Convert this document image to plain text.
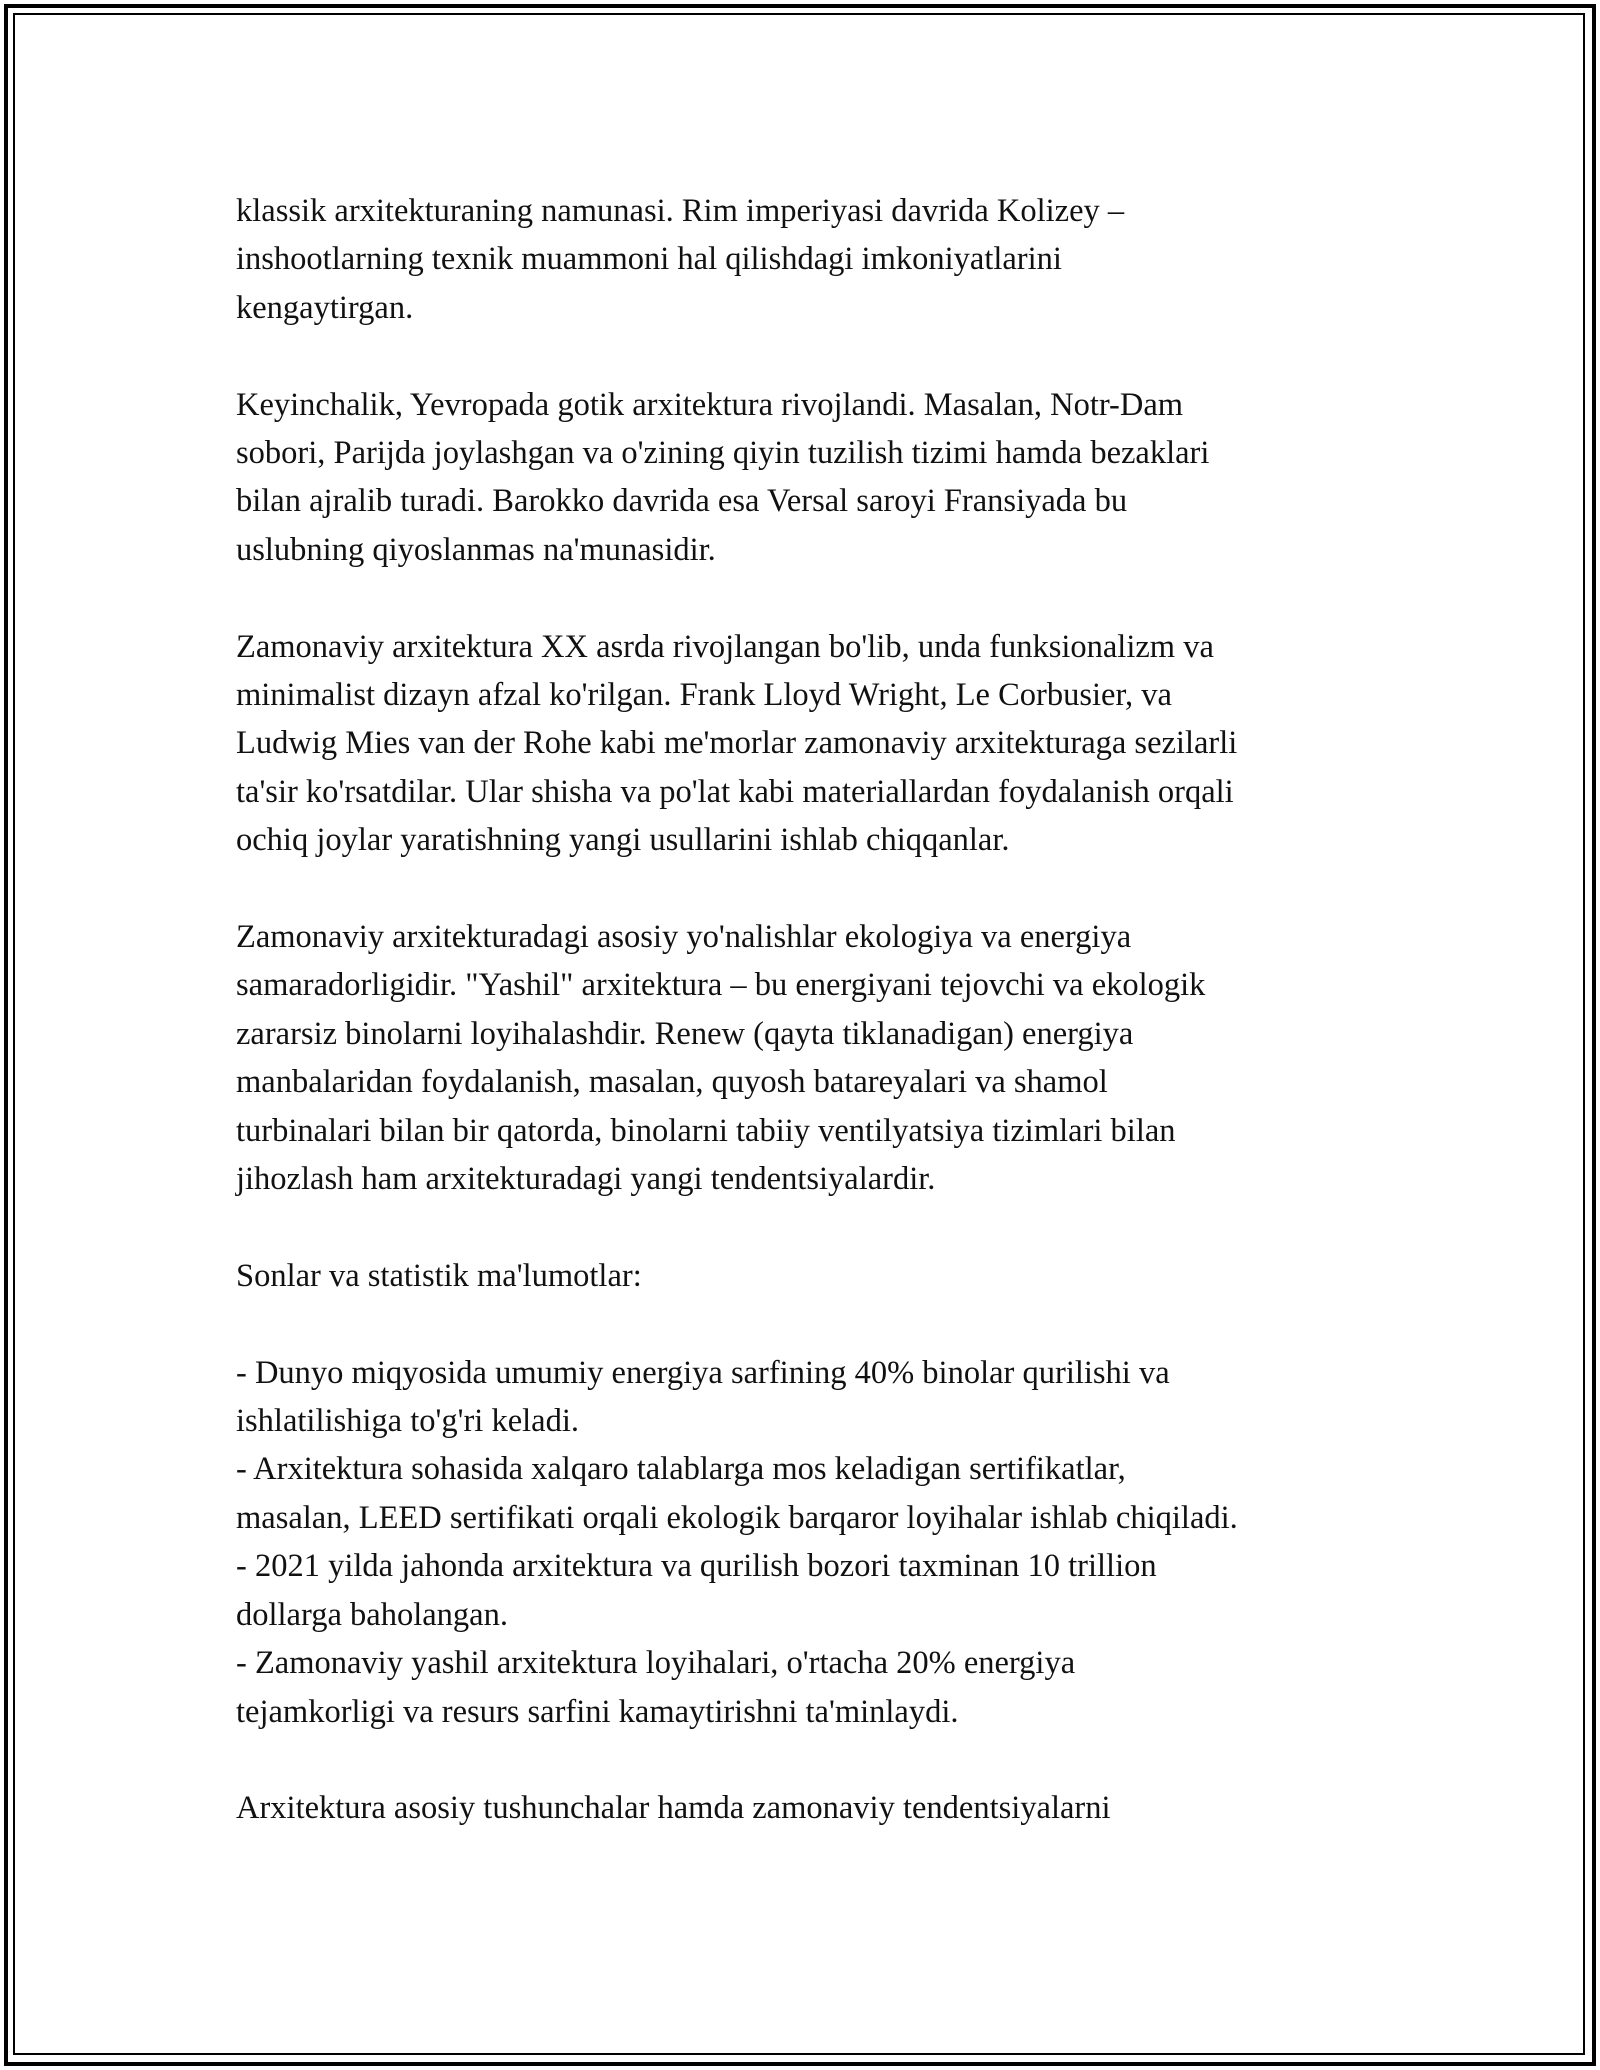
klassik arxitekturaning namunasi. Rim imperiyasi davrida Kolizey –
inshootlarning texnik muammoni hal qilishdagi imkoniyatlarini
kengaytirgan.

Keyinchalik, Yevropada gotik arxitektura rivojlandi. Masalan, Notr-Dam
sobori, Parijda joylashgan va o'zining qiyin tuzilish tizimi hamda bezaklari
bilan ajralib turadi. Barokko davrida esa Versal saroyi Fransiyada bu
uslubning qiyoslanmas na'munasidir.

Zamonaviy arxitektura XX asrda rivojlangan bo'lib, unda funksionalizm va
minimalist dizayn afzal ko'rilgan. Frank Lloyd Wright, Le Corbusier, va
Ludwig Mies van der Rohe kabi me'morlar zamonaviy arxitekturaga sezilarli
ta'sir ko'rsatdilar. Ular shisha va po'lat kabi materiallardan foydalanish orqali
ochiq joylar yaratishning yangi usullarini ishlab chiqqanlar.

Zamonaviy arxitekturadagi asosiy yo'nalishlar ekologiya va energiya
samaradorligidir. "Yashil" arxitektura – bu energiyani tejovchi va ekologik
zararsiz binolarni loyihalashdir. Renew (qayta tiklanadigan) energiya
manbalaridan foydalanish, masalan, quyosh batareyalari va shamol
turbinalari bilan bir qatorda, binolarni tabiiy ventilyatsiya tizimlari bilan
jihozlash ham arxitekturadagi yangi tendentsiyalardir.

Sonlar va statistik ma'lumotlar:

- Dunyo miqyosida umumiy energiya sarfining 40% binolar qurilishi va
ishlatilishiga to'g'ri keladi.
- Arxitektura sohasida xalqaro talablarga mos keladigan sertifikatlar,
masalan, LEED sertifikati orqali ekologik barqaror loyihalar ishlab chiqiladi.
- 2021 yilda jahonda arxitektura va qurilish bozori taxminan 10 trillion
dollarga baholangan.
- Zamonaviy yashil arxitektura loyihalari, o'rtacha 20% energiya
tejamkorligi va resurs sarfini kamaytirishni ta'minlaydi.

Arxitektura asosiy tushunchalar hamda zamonaviy tendentsiyalarni
